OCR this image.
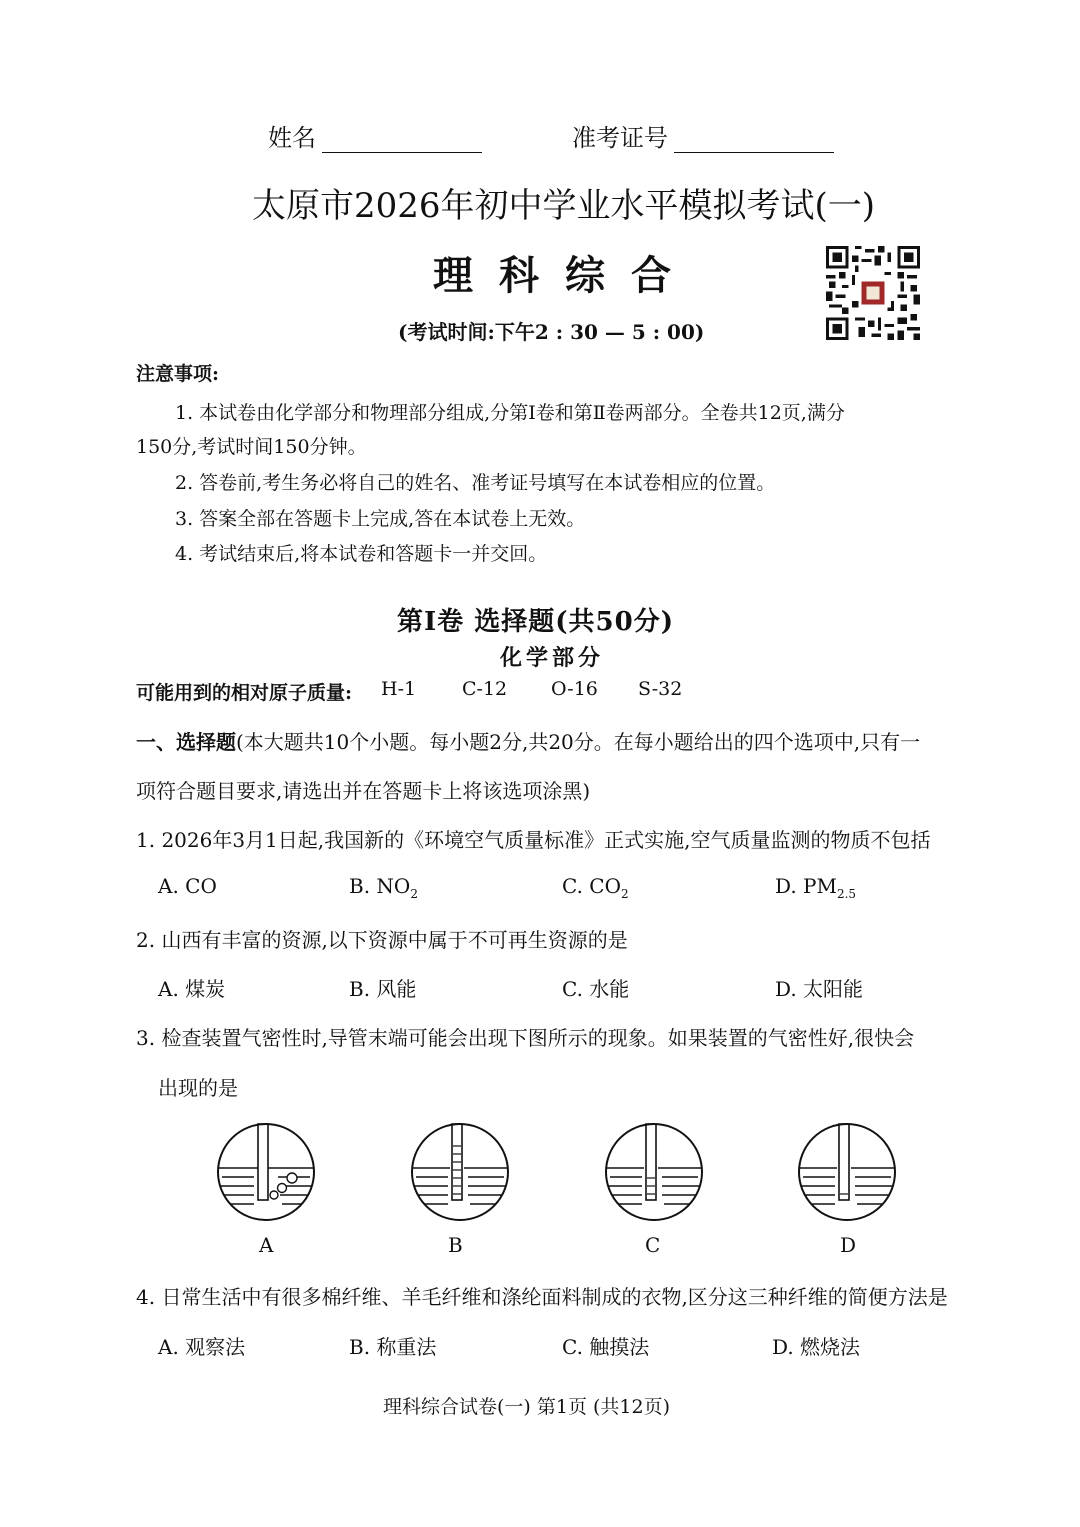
姓名	准考证号
太原市2026年初中学业水平模拟考试(一)
理科综合
(考试时间:下午2 : 30 — 5 : 00)
注意事项:
1. 本试卷由化学部分和物理部分组成,分第Ⅰ卷和第Ⅱ卷两部分。全卷共12页,满分
150分,考试时间150分钟。
2. 答卷前,考生务必将自己的姓名、准考证号填写在本试卷相应的位置。
3. 答案全部在答题卡上完成,答在本试卷上无效。
4. 考试结束后,将本试卷和答题卡一并交回。
第Ⅰ卷 选择题(共50分)
化学部分
可能用到的相对原子质量: H-1 C-12 O-16 S-32
一、选择题(本大题共10个小题。每小题2分,共20分。在每小题给出的四个选项中,只有一
项符合题目要求,请选出并在答题卡上将该选项涂黑)
1. 2026年3月1日起,我国新的《环境空气质量标准》正式实施,空气质量监测的物质不包括
A. CO	B. $NO_2$	C. $CO_2$	D. $PM_{2.5}$
2. 山西有丰富的资源,以下资源中属于不可再生资源的是
A. 煤炭	B. 风能	C. 水能	D. 太阳能
3. 检查装置气密性时,导管末端可能会出现下图所示的现象。如果装置的气密性好,很快会
出现的是
A	B	C	D
4. 日常生活中有很多棉纤维、羊毛纤维和涤纶面料制成的衣物,区分这三种纤维的简便方法是
A. 观察法	B. 称重法	C. 触摸法	D. 燃烧法
理科综合试卷(一) 第1页 (共12页)
